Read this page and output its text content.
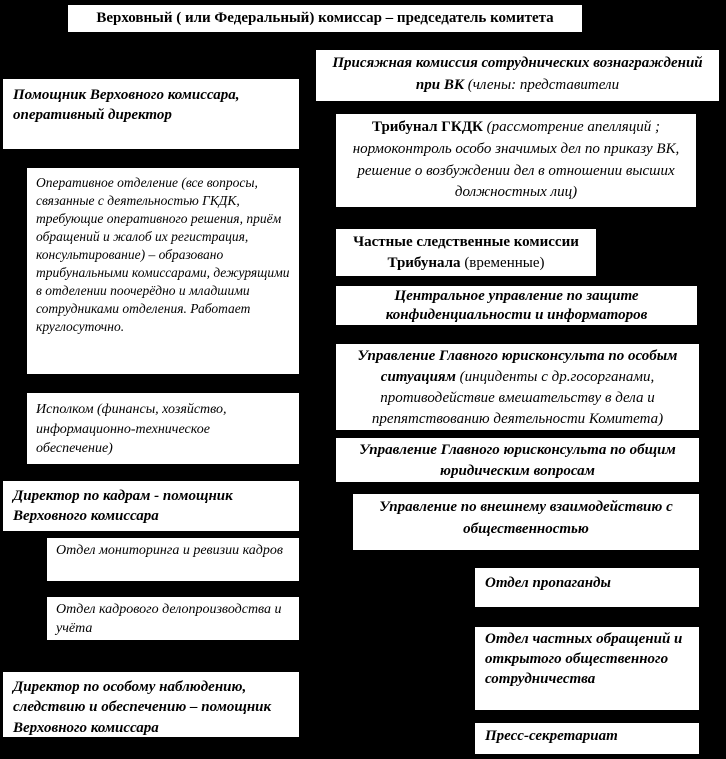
Верховный ( или Федеральный) комиссар – председатель комитета
Помощник Верховного комиссара, оперативный директор
Оперативное отделение (все вопросы, связанные с деятельностью ГКДК, требующие оперативного решения, приём обращений и жалоб их регистрация, консультирование) – образовано трибунальными комиссарами, дежурящими в отделении поочерёдно и младшими сотрудниками отделения. Работает круглосуточно.
Исполком (финансы, хозяйство, информационно-техническое обеспечение)
Директор по кадрам - помощник Верховного комиссара
Отдел мониторинга и ревизии кадров
Отдел кадрового делопроизводства и учёта
Директор по особому наблюдению, следствию и обеспечению – помощник Верховного комиссара
Присяжная комиссия сотруднических вознаграждений при ВК (члены: представители
Трибунал ГКДК (рассмотрение апелляций ; нормоконтроль особо значимых дел по приказу ВК, решение о возбуждении дел в отношении высших должностных лиц)
Частные следственные комиссии Трибунала (временные)
Центральное управление по защите конфиденциальности и информаторов
Управление Главного юрисконсульта по особым ситуациям (инциденты с др.госорганами, противодействие вмешательству в дела и препятствованию деятельности Комитета)
Управление Главного юрисконсульта по общим юридическим вопросам
Управление по внешнему взаимодействию с общественностью
Отдел пропаганды
Отдел частных обращений и открытого общественного сотрудничества
Пресс-секретариат
